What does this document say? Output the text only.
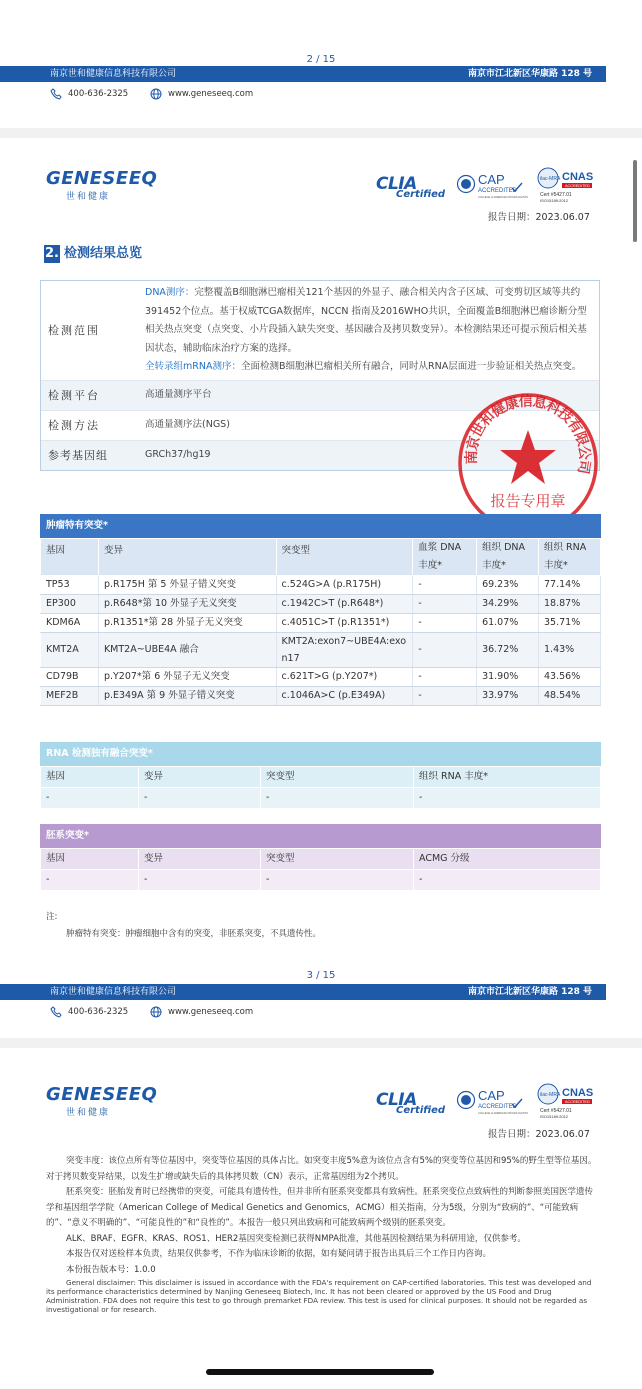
2 / 15
南京世和健康信息科技有限公司	南京市江北新区华康路 128 号
400-636-2325	www.geneseeq.com
GENESEEQ
世和健康
CLIA
Certified
CAP
ACCREDITED
COLLEGE of AMERICAN PATHOLOGISTS
ilac-MRA CNAS
ACCREDITED
Cert #5427.01
ISO15189:2012
报告日期：2023.06.07
2. 检测结果总览
检测范围
DNA测序：完整覆盖B细胞淋巴瘤相关121个基因的外显子、融合相关内含子区域、可变剪切区域等共约391452个位点。基于权威TCGA数据库，NCCN 指南及2016WHO共识，全面覆盖B细胞淋巴瘤诊断分型相关热点突变（点突变、小片段插入缺失突变、基因融合及拷贝数变异）。本检测结果还可提示预后相关基因状态，辅助临床治疗方案的选择。
全转录组mRNA测序：全面检测B细胞淋巴瘤相关所有融合，同时从RNA层面进一步验证相关热点突变。
检测平台	高通量测序平台
检测方法	高通量测序法(NGS)
参考基因组	GRCh37/hg19	南京世和健康信息科技有限公司
报告专用章
肿瘤特有突变*
基因	变异	突变型	血浆 DNA 丰度*	组织 DNA 丰度*	组织 RNA 丰度*
TP53	p.R175H 第 5 外显子错义突变	c.524G>A (p.R175H)	-	69.23%	77.14%
EP300	p.R648*第 10 外显子无义突变	c.1942C>T (p.R648*)	-	34.29%	18.87%
KDM6A	p.R1351*第 28 外显子无义突变	c.4051C>T (p.R1351*)	-	61.07%	35.71%
KMT2A	KMT2A~UBE4A 融合	KMT2A:exon7~UBE4A:exon17	-	36.72%	1.43%
CD79B	p.Y207*第 6 外显子无义突变	c.621T>G (p.Y207*)	-	31.90%	43.56%
MEF2B	p.E349A 第 9 外显子错义突变	c.1046A>C (p.E349A)	-	33.97%	48.54%
RNA 检测独有融合突变*
基因	变异	突变型	组织 RNA 丰度*
-	-	-	-
胚系突变*
基因	变异	突变型	ACMG 分级
-	-	-	-
注:
肿瘤特有突变：肿瘤细胞中含有的突变，非胚系突变，不具遗传性。
3 / 15
南京世和健康信息科技有限公司	南京市江北新区华康路 128 号
400-636-2325	www.geneseeq.com
GENESEEQ
世和健康
CLIA
Certified
CAP
ACCREDITED
COLLEGE of AMERICAN PATHOLOGISTS
ilac-MRA CNAS
ACCREDITED
Cert #5427.01
ISO15189:2012
报告日期：2023.06.07

突变丰度：该位点所有等位基因中，突变等位基因的具体占比。如突变丰度5%意为该位点含有5%的突变等位基因和95%的野生型等位基因。对于拷贝数变异结果，以发生扩增或缺失后的具体拷贝数（CN）表示，正常基因组为2个拷贝。

胚系突变：胚胎发育时已经携带的突变，可能具有遗传性，但并非所有胚系突变都具有致病性。胚系突变位点致病性的判断参照美国医学遗传学和基因组学学院（American College of Medical Genetics and Genomics，ACMG）相关指南，分为5级，分别为“致病的”、“可能致病的”、“意义不明确的”、“可能良性的”和“良性的”。本报告一般只列出致病和可能致病两个级别的胚系突变。

ALK、BRAF、EGFR、KRAS、ROS1、HER2基因突变检测已获得NMPA批准，其他基因检测结果为科研用途，仅供参考。

本报告仅对送检样本负责，结果仅供参考，不作为临床诊断的依据，如有疑问请于报告出具后三个工作日内咨询。

本份报告版本号：1.0.0

General disclaimer: This disclaimer is issued in accordance with the FDA's requirement on CAP-certified laboratories. This test was developed and its performance characteristics determined by Nanjing Geneseeq Biotech, Inc. It has not been cleared or approved by the US Food and Drug Administration. FDA does not require this test to go through premarket FDA review. This test is used for clinical purposes. It should not be regarded as investigational or for research.
